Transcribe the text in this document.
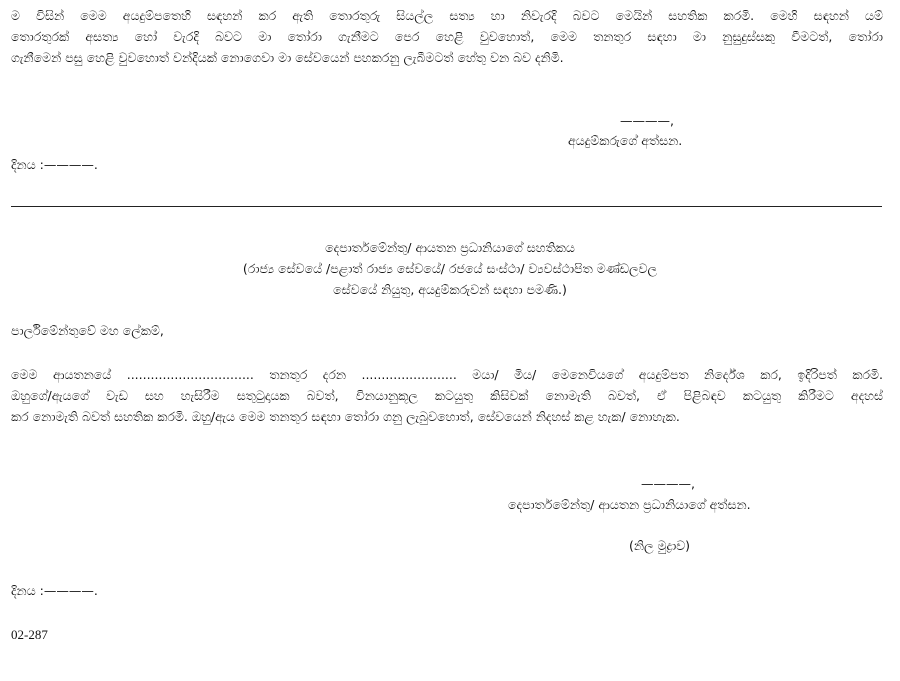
ම විසින් මෙම අයදුම්පතෙහි සඳහන් කර ඇති තොරතුරු සියල්ල සත්‍ය හා නිවැරදි බවට මෙයින් සහතික කරමි. මෙහි සඳහන් යම්
තොරතුරක් අසත්‍ය හෝ වැරදි බවට මා තෝරා ගැනීමට පෙර හෙළි වුවහොත්, මෙම තනතුර සඳහා මා නුසුදුස්සකු වීමටත්, තෝරා
ගැනීමෙන් පසු හෙළි වුවහොත් වන්දියක් නොගෙවා මා සේවයෙන් පහකරනු ලැබීමටත් හේතු වන බව දනිමි.
————,
අයදුම්කරුගේ අත්සන.
දිනය :————.
දෙපාර්තමේන්තු/ ආයතන ප්‍රධානියාගේ සහතිකය
(රාජ්‍ය සේවයේ /පළාත් රාජ්‍ය සේවයේ/ රජයේ සංස්ථා/ ව්‍යවස්ථාපිත මණ්ඩලවල
සේවයේ නියුතු, අයදුම්කරුවන් සඳහා පමණි.)
පාර්ලිමේන්තුවේ මහ ලේකම්,
මෙම ආයතනයේ ................................ තනතුර දරන ........................ මයා/ මිය/ මෙනෙවියගේ අයදුම්පත නිර්දේශ කර, ඉදිරිපත් කරමි.
ඔහුගේ/ඇයගේ වැඩ සහ හැසිරීම සතුටුදායක බවත්, විනයානුකූල කටයුතු කිසිවක් නොමැති බවත්, ඒ පිළිබඳව කටයුතු කිරීමට අදහස්
කර නොමැති බවත් සහතික කරමි. ඔහු/ඇය මෙම තනතුර සඳහා තෝරා ගනු ලැබුවහොත්, සේවයෙන් නිදහස් කළ හැක/ නොහැක.
————,
දෙපාර්තමේන්තු/ ආයතන ප්‍රධානියාගේ අත්සන.
(නිල මුද්‍රාව)
දිනය :————.
02-287
